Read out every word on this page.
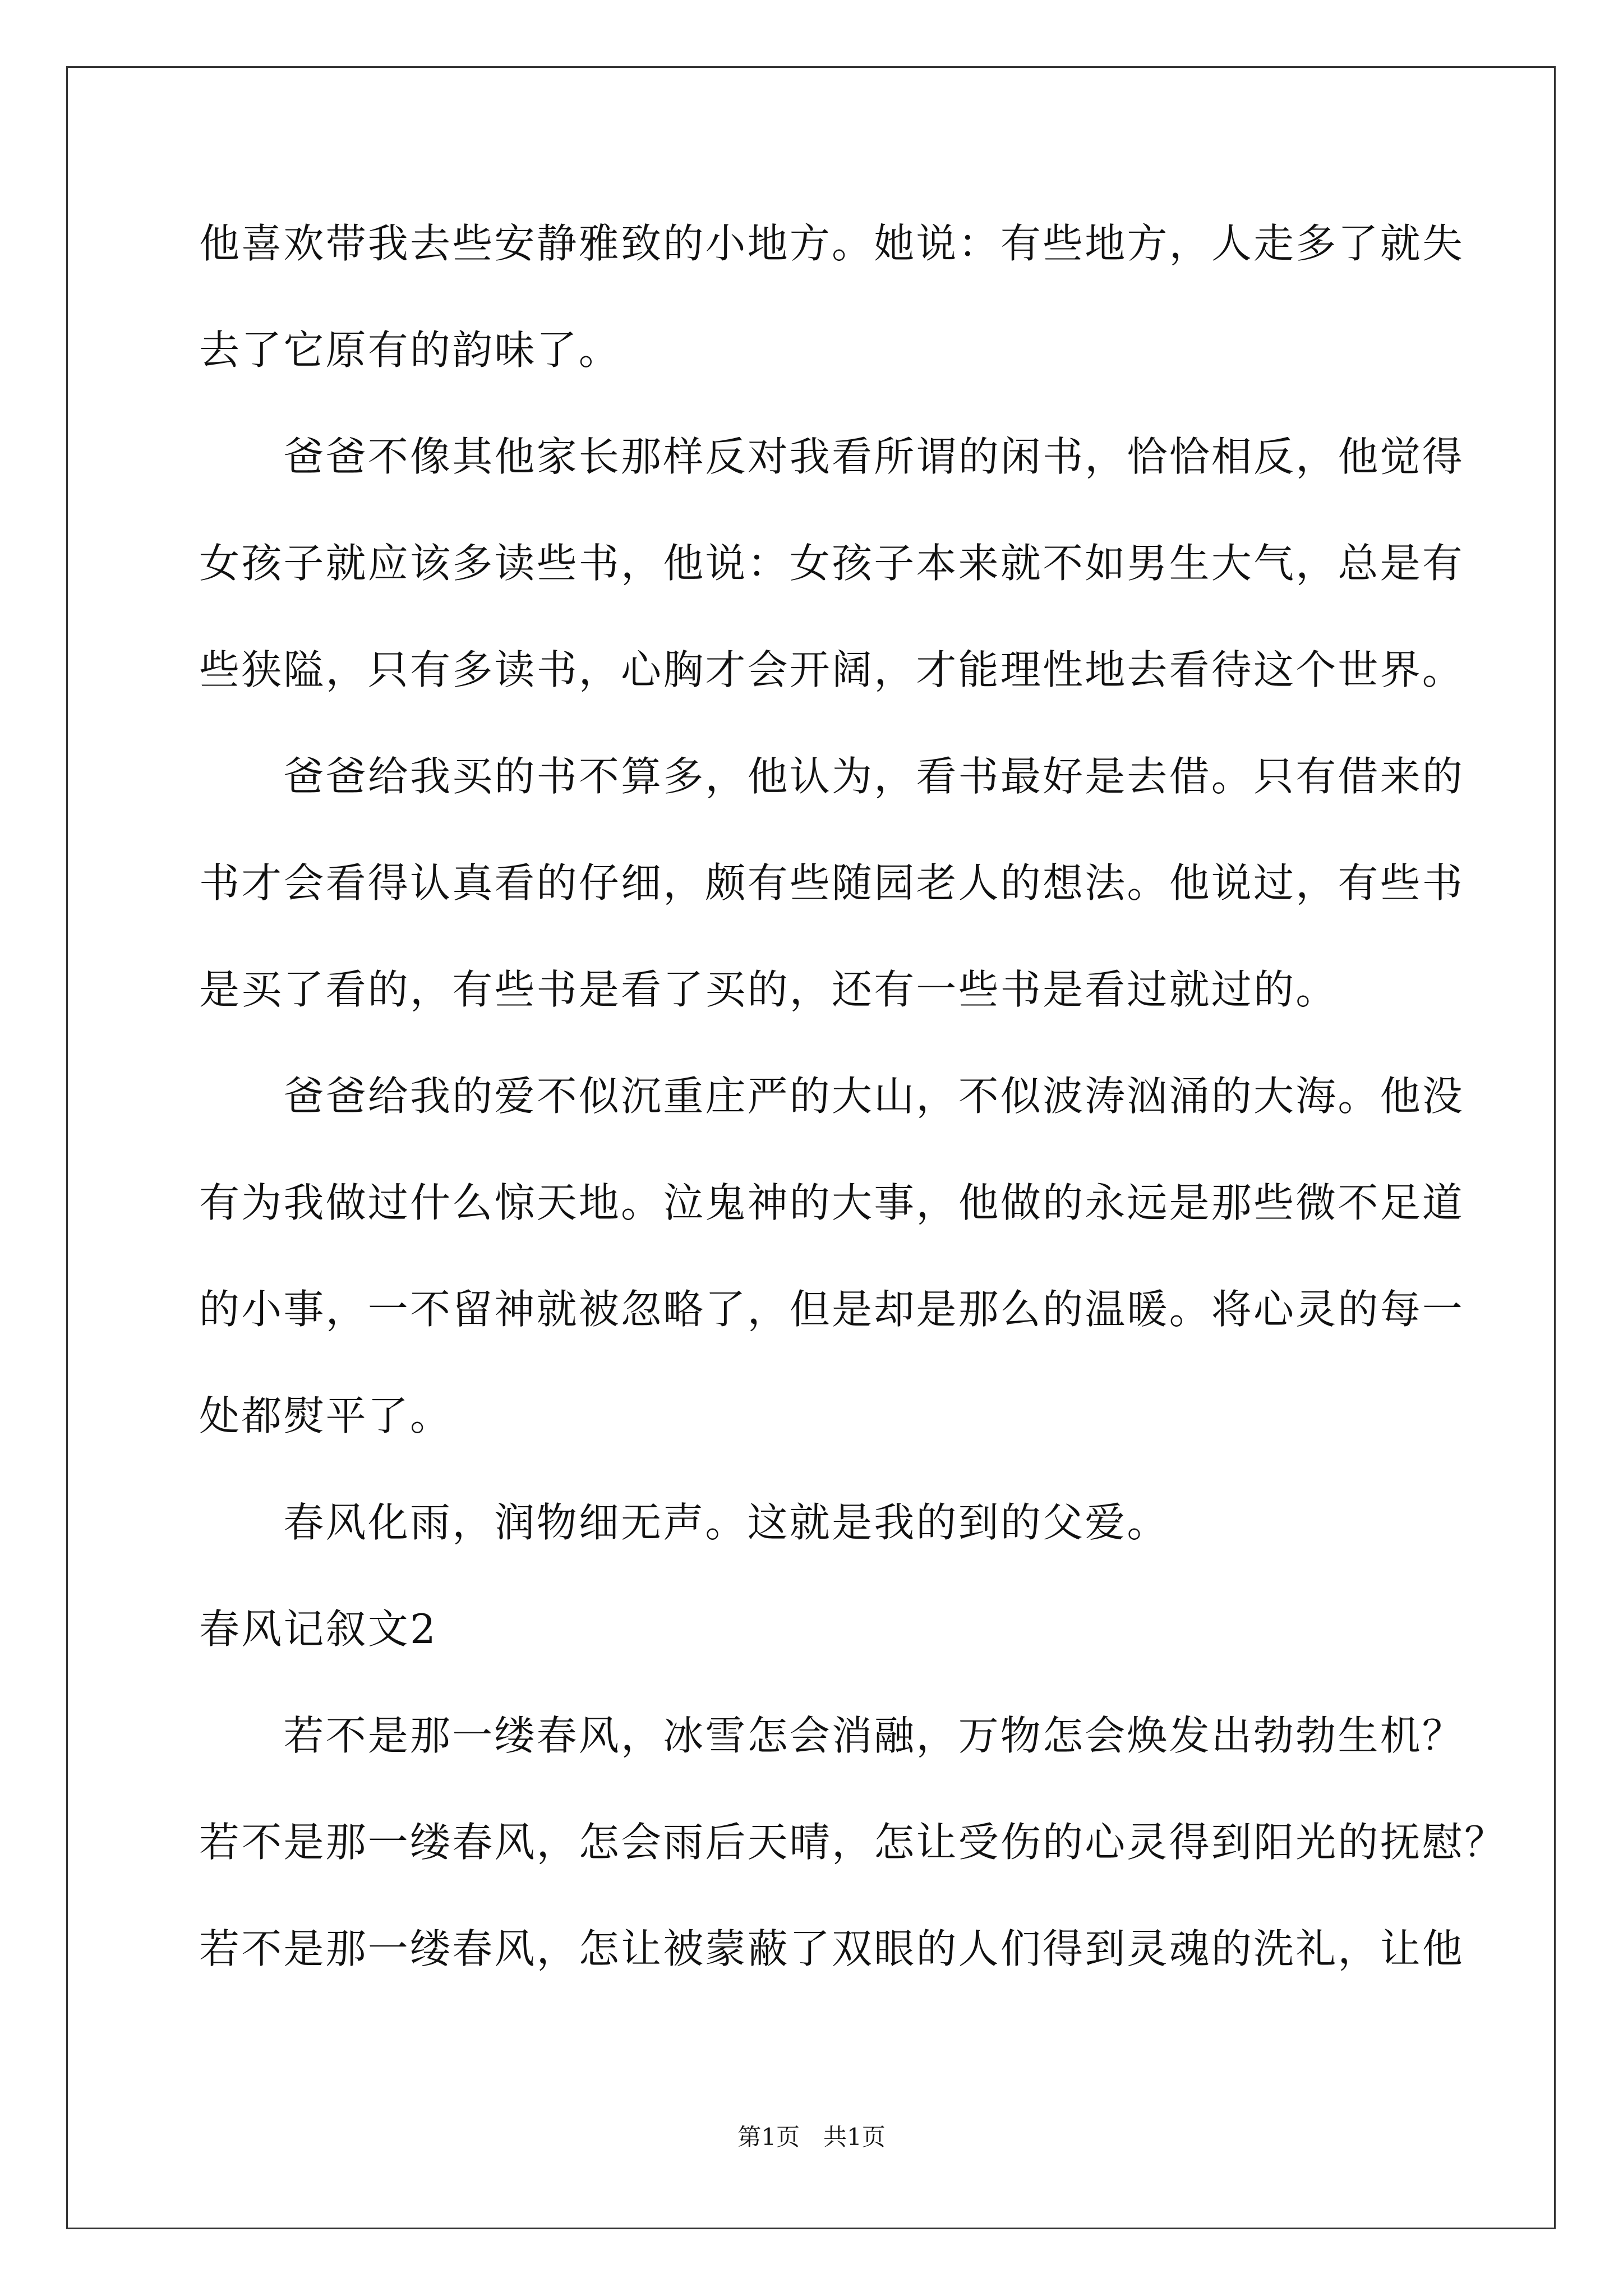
他喜欢带我去些安静雅致的小地方。她说：有些地方，人走多了就失
去了它原有的韵味了。
　　爸爸不像其他家长那样反对我看所谓的闲书，恰恰相反，他觉得
女孩子就应该多读些书，他说：女孩子本来就不如男生大气，总是有
些狭隘，只有多读书，心胸才会开阔，才能理性地去看待这个世界。
　　爸爸给我买的书不算多，他认为，看书最好是去借。只有借来的
书才会看得认真看的仔细，颇有些随园老人的想法。他说过，有些书
是买了看的，有些书是看了买的，还有一些书是看过就过的。
　　爸爸给我的爱不似沉重庄严的大山，不似波涛汹涌的大海。他没
有为我做过什么惊天地。泣鬼神的大事，他做的永远是那些微不足道
的小事，一不留神就被忽略了，但是却是那么的温暖。将心灵的每一
处都熨平了。
　　春风化雨，润物细无声。这就是我的到的父爱。
春风记叙文2
　　若不是那一缕春风，冰雪怎会消融，万物怎会焕发出勃勃生机？
若不是那一缕春风，怎会雨后天晴，怎让受伤的心灵得到阳光的抚慰？
若不是那一缕春风，怎让被蒙蔽了双眼的人们得到灵魂的洗礼，让他
第1页　共1页
